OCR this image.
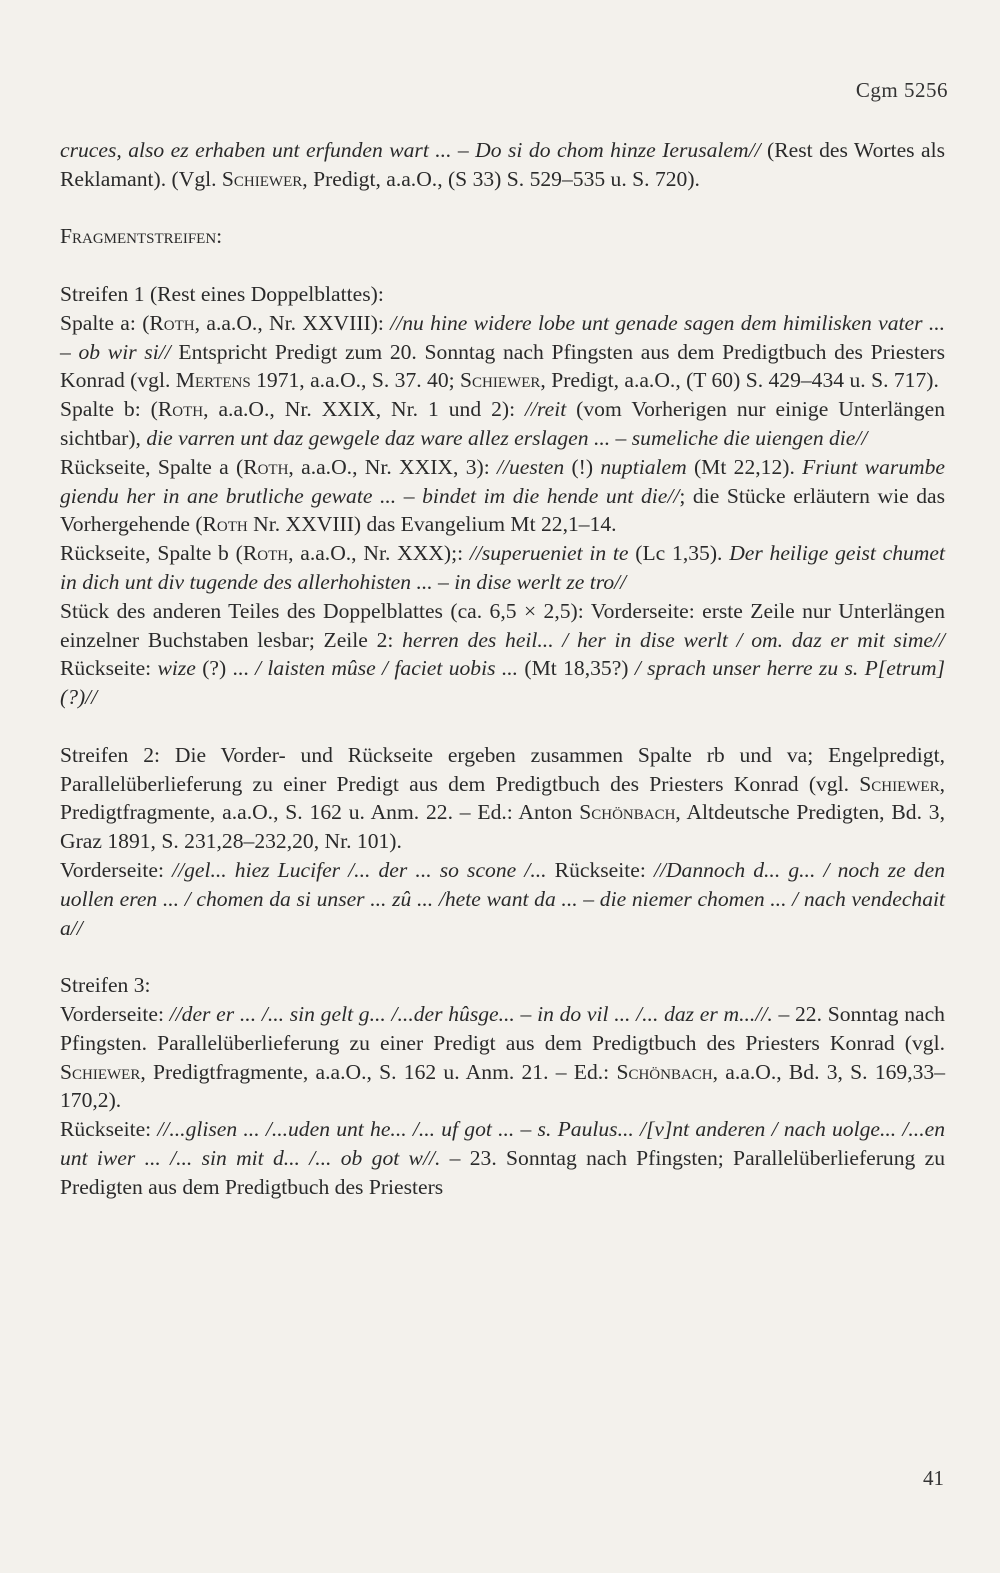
Cgm 5256

cruces, also ez erhaben unt erfunden wart ... – Do si do chom hinze Ierusalem// (Rest des Wortes als Reklamant). (Vgl. Schiewer, Predigt, a.a.O., (S 33) S. 529–535 u. S. 720).

Fragmentstreifen:

Streifen 1 (Rest eines Doppelblattes):

Spalte a: (Roth, a.a.O., Nr. XXVIII): //nu hine widere lobe unt genade sagen dem himilisken vater ... – ob wir si// Entspricht Predigt zum 20. Sonntag nach Pfingsten aus dem Predigtbuch des Priesters Konrad (vgl. Mertens 1971, a.a.O., S. 37. 40; Schiewer, Predigt, a.a.O., (T 60) S. 429–434 u. S. 717).

Spalte b: (Roth, a.a.O., Nr. XXIX, Nr. 1 und 2): //reit (vom Vorherigen nur einige Unterlängen sichtbar), die varren unt daz gewgele daz ware allez erslagen ... – sumeliche die uiengen die//

Rückseite, Spalte a (Roth, a.a.O., Nr. XXIX, 3): //uesten (!) nuptialem (Mt 22,12). Friunt warumbe giendu her in ane brutliche gewate ... – bindet im die hende unt die//; die Stücke erläutern wie das Vorhergehende (Roth Nr. XXVIII) das Evangelium Mt 22,1–14.

Rückseite, Spalte b (Roth, a.a.O., Nr. XXX);: //superueniet in te (Lc 1,35). Der heilige geist chumet in dich unt div tugende des allerhohisten ... – in dise werlt ze tro//

Stück des anderen Teiles des Doppelblattes (ca. 6,5 × 2,5): Vorderseite: erste Zeile nur Unterlängen einzelner Buchstaben lesbar; Zeile 2: herren des heil... / her in dise werlt / om. daz er mit sime// Rückseite: wize (?) ... / laisten mûse / faciet uobis ... (Mt 18,35?) / sprach unser herre zu s. P[etrum](?)//

Streifen 2: Die Vorder- und Rückseite ergeben zusammen Spalte rb und va; Engelpredigt, Parallelüberlieferung zu einer Predigt aus dem Predigtbuch des Priesters Konrad (vgl. Schiewer, Predigtfragmente, a.a.O., S. 162 u. Anm. 22. – Ed.: Anton Schönbach, Altdeutsche Predigten, Bd. 3, Graz 1891, S. 231,28–232,20, Nr. 101).

Vorderseite: //gel... hiez Lucifer /... der ... so scone /... Rückseite: //Dannoch d... g... / noch ze den uollen eren ... / chomen da si unser ... zû ... /hete want da ... – die niemer chomen ... / nach vendechait a//

Streifen 3:

Vorderseite: //der er ... /... sin gelt g... /...der hûsge... – in do vil ... /... daz er m...//. – 22. Sonntag nach Pfingsten. Parallelüberlieferung zu einer Predigt aus dem Predigtbuch des Priesters Konrad (vgl. Schiewer, Predigtfragmente, a.a.O., S. 162 u. Anm. 21. – Ed.: Schönbach, a.a.O., Bd. 3, S. 169,33–170,2).

Rückseite: //...glisen ... /...uden unt he... /... uf got ... – s. Paulus... /[v]nt anderen / nach uolge... /...en unt iwer ... /... sin mit d... /... ob got w//. – 23. Sonntag nach Pfingsten; Parallelüberlieferung zu Predigten aus dem Predigtbuch des Priesters

41
